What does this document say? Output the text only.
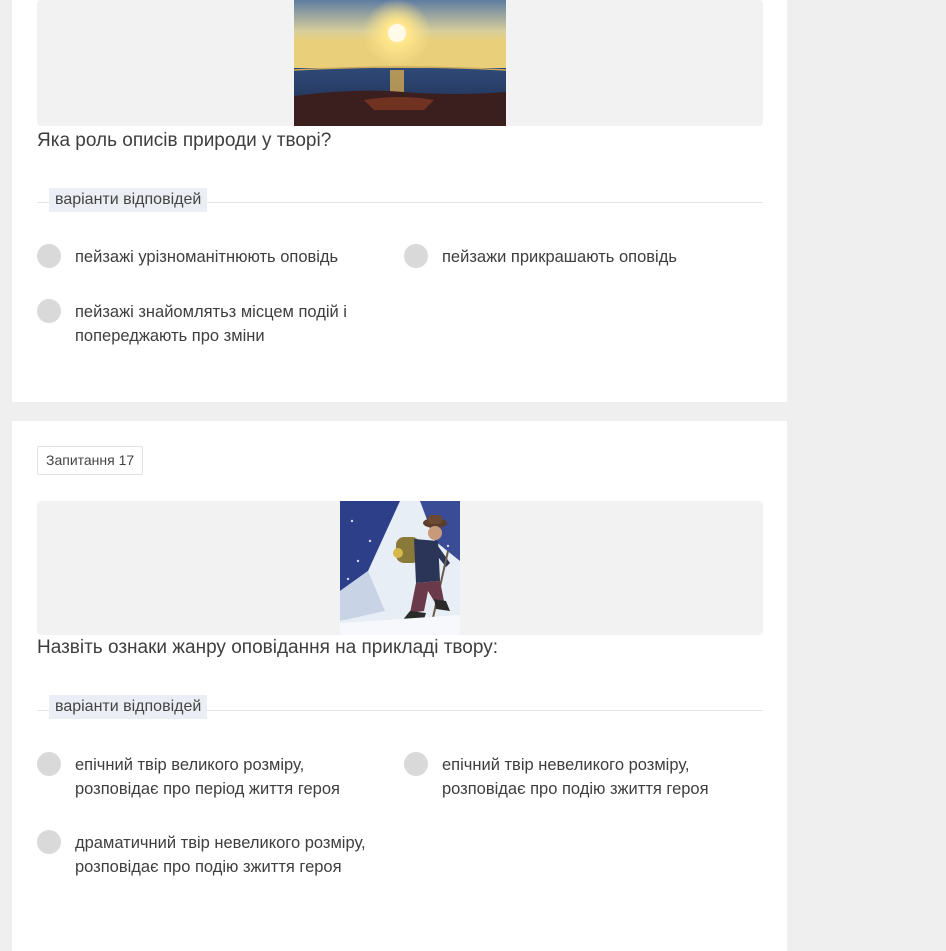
Яка роль описів природи у творі?
варіанти відповідей
пейзажі урізноманітнюють оповідь	пейзажи прикрашають оповідь
пейзажі знайомлятьз місцем подій і попереджають про зміни
Запитання 17
Назвіть ознаки жанру оповідання на прикладі твору:
варіанти відповідей
епічний твір великого розміру, розповідає про період життя героя
епічний твір невеликого розміру, розповідає про подію зжиття героя
драматичний твір невеликого розміру, розповідає про подію зжиття героя
